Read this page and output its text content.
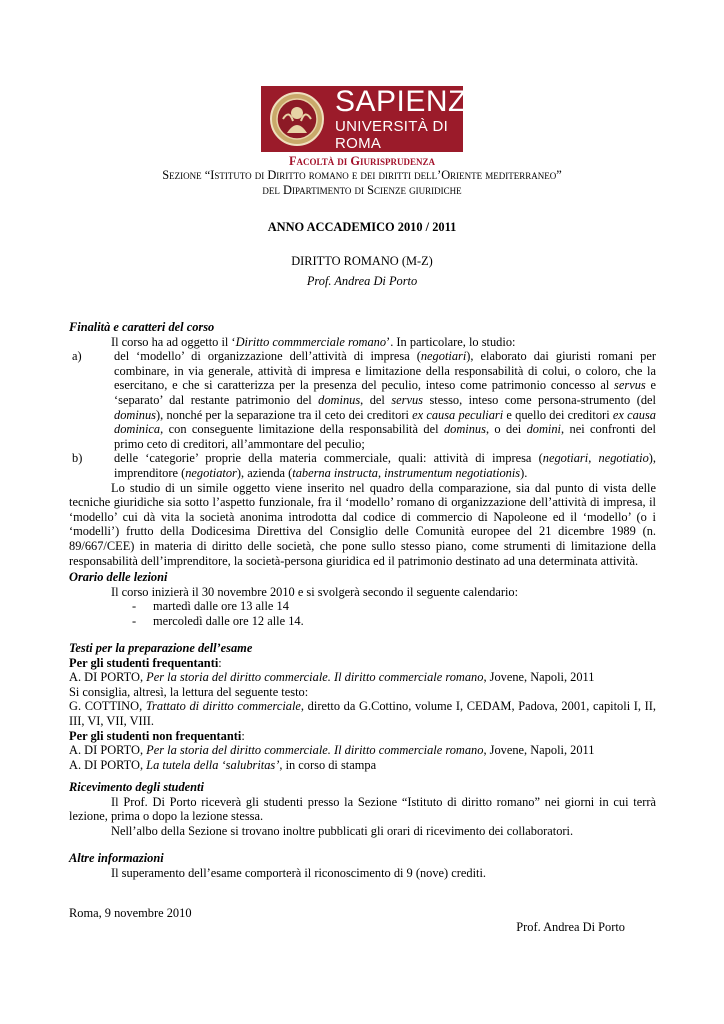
SAPIENZA
UNIVERSITÀ DI ROMA
Facoltà di Giurisprudenza
Sezione “Istituto di Diritto romano e dei diritti dell’Oriente mediterraneo”
del Dipartimento di Scienze giuridiche
ANNO ACCADEMICO 2010 / 2011
DIRITTO ROMANO (M-Z)
Prof. Andrea Di Porto
Finalità e caratteri del corso
Il corso ha ad oggetto il ‘Diritto commmerciale romano’. In particolare, lo studio:
a)	del ‘modello’ di organizzazione dell’attività di impresa (negotiari), elaborato dai giuristi romani per combinare, in via generale, attività di impresa e limitazione della responsabilità di colui, o coloro, che la esercitano, e che si caratterizza per la presenza del peculio, inteso come patrimonio concesso al servus e ‘separato’ dal restante patrimonio del dominus, del servus stesso, inteso come persona-strumento (del dominus), nonché per la separazione tra il ceto dei creditori ex causa peculiari e quello dei creditori ex causa dominica, con conseguente limitazione della responsabilità del dominus, o dei domini, nei confronti del primo ceto di creditori, all’ammontare del peculio;
b)	delle ‘categorie’ proprie della materia commerciale, quali: attività di impresa (negotiari, negotiatio), imprenditore (negotiator), azienda (taberna instructa, instrumentum negotiationis).
Lo studio di un simile oggetto viene inserito nel quadro della comparazione, sia dal punto di vista delle tecniche giuridiche sia sotto l’aspetto funzionale, fra il ‘modello’ romano di organizzazione dell’attività di impresa, il ‘modello’ cui dà vita la società anonima introdotta dal codice di commercio di Napoleone ed il ‘modello’ (o i ‘modelli’) frutto della Dodicesima Direttiva del Consiglio delle Comunità europee del 21 dicembre 1989 (n. 89/667/CEE) in materia di diritto delle società, che pone sullo stesso piano, come strumenti di limitazione della responsabilità dell’imprenditore, la società-persona giuridica ed il patrimonio destinato ad una determinata attività.
Orario delle lezioni
Il corso inizierà il 30 novembre 2010 e si svolgerà secondo il seguente calendario:
-	martedì dalle ore 13 alle 14
-	mercoledì dalle ore 12 alle 14.
Testi per la preparazione dell’esame
Per gli studenti frequentanti:
A. DI PORTO, Per la storia del diritto commerciale. Il diritto commerciale romano, Jovene, Napoli, 2011
Si consiglia, altresì, la lettura del seguente testo:
G. COTTINO, Trattato di diritto commerciale, diretto da G.Cottino, volume I, CEDAM, Padova, 2001, capitoli I, II, III, VI, VII, VIII.
Per gli studenti non frequentanti:
A. DI PORTO, Per la storia del diritto commerciale. Il diritto commerciale romano, Jovene, Napoli, 2011
A. DI PORTO, La tutela della ‘salubritas’, in corso di stampa
Ricevimento degli studenti
Il Prof. Di Porto riceverà gli studenti presso la Sezione “Istituto di diritto romano” nei giorni in cui terrà lezione, prima o dopo la lezione stessa.
Nell’albo della Sezione si trovano inoltre pubblicati gli orari di ricevimento dei collaboratori.
Altre informazioni
Il superamento dell’esame comporterà il riconoscimento di 9 (nove) crediti.
Roma, 9 novembre 2010
Prof. Andrea Di Porto
